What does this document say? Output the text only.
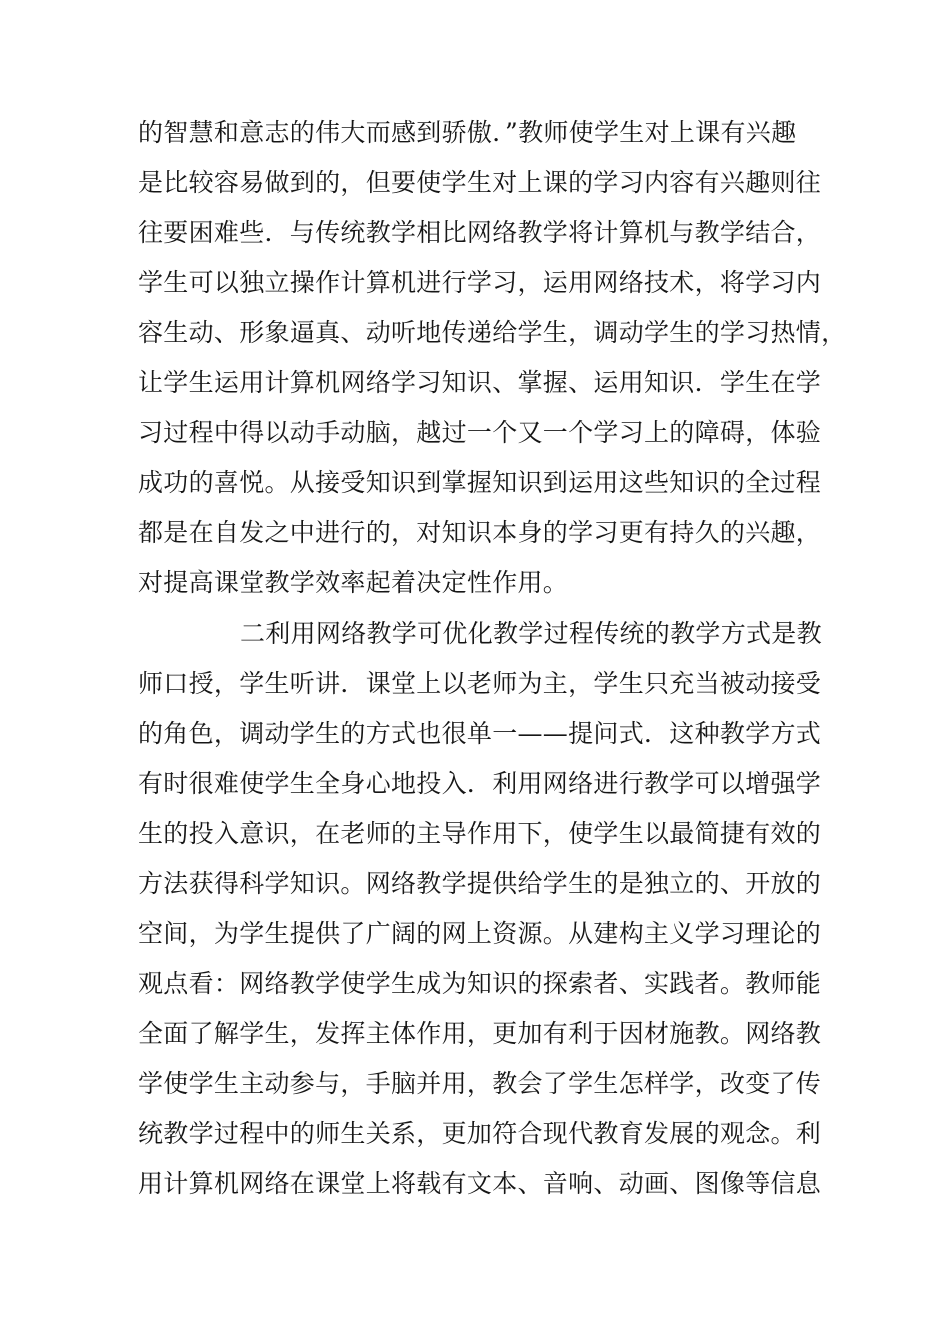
的智慧和意志的伟大而感到骄傲．”教师使学生对上课有兴趣
是比较容易做到的，但要使学生对上课的学习内容有兴趣则往
往要困难些．与传统教学相比网络教学将计算机与教学结合，
学生可以独立操作计算机进行学习，运用网络技术，将学习内
容生动、形象逼真、动听地传递给学生，调动学生的学习热情，
让学生运用计算机网络学习知识、掌握、运用知识．学生在学
习过程中得以动手动脑，越过一个又一个学习上的障碍，体验
成功的喜悦。从接受知识到掌握知识到运用这些知识的全过程
都是在自发之中进行的，对知识本身的学习更有持久的兴趣，
对提高课堂教学效率起着决定性作用。
二利用网络教学可优化教学过程传统的教学方式是教
师口授，学生听讲．课堂上以老师为主，学生只充当被动接受
的角色，调动学生的方式也很单一——提问式．这种教学方式
有时很难使学生全身心地投入．利用网络进行教学可以增强学
生的投入意识，在老师的主导作用下，使学生以最简捷有效的
方法获得科学知识。网络教学提供给学生的是独立的、开放的
空间，为学生提供了广阔的网上资源。从建构主义学习理论的
观点看：网络教学使学生成为知识的探索者、实践者。教师能
全面了解学生，发挥主体作用，更加有利于因材施教。网络教
学使学生主动参与，手脑并用，教会了学生怎样学，改变了传
统教学过程中的师生关系，更加符合现代教育发展的观念。利
用计算机网络在课堂上将载有文本、音响、动画、图像等信息
